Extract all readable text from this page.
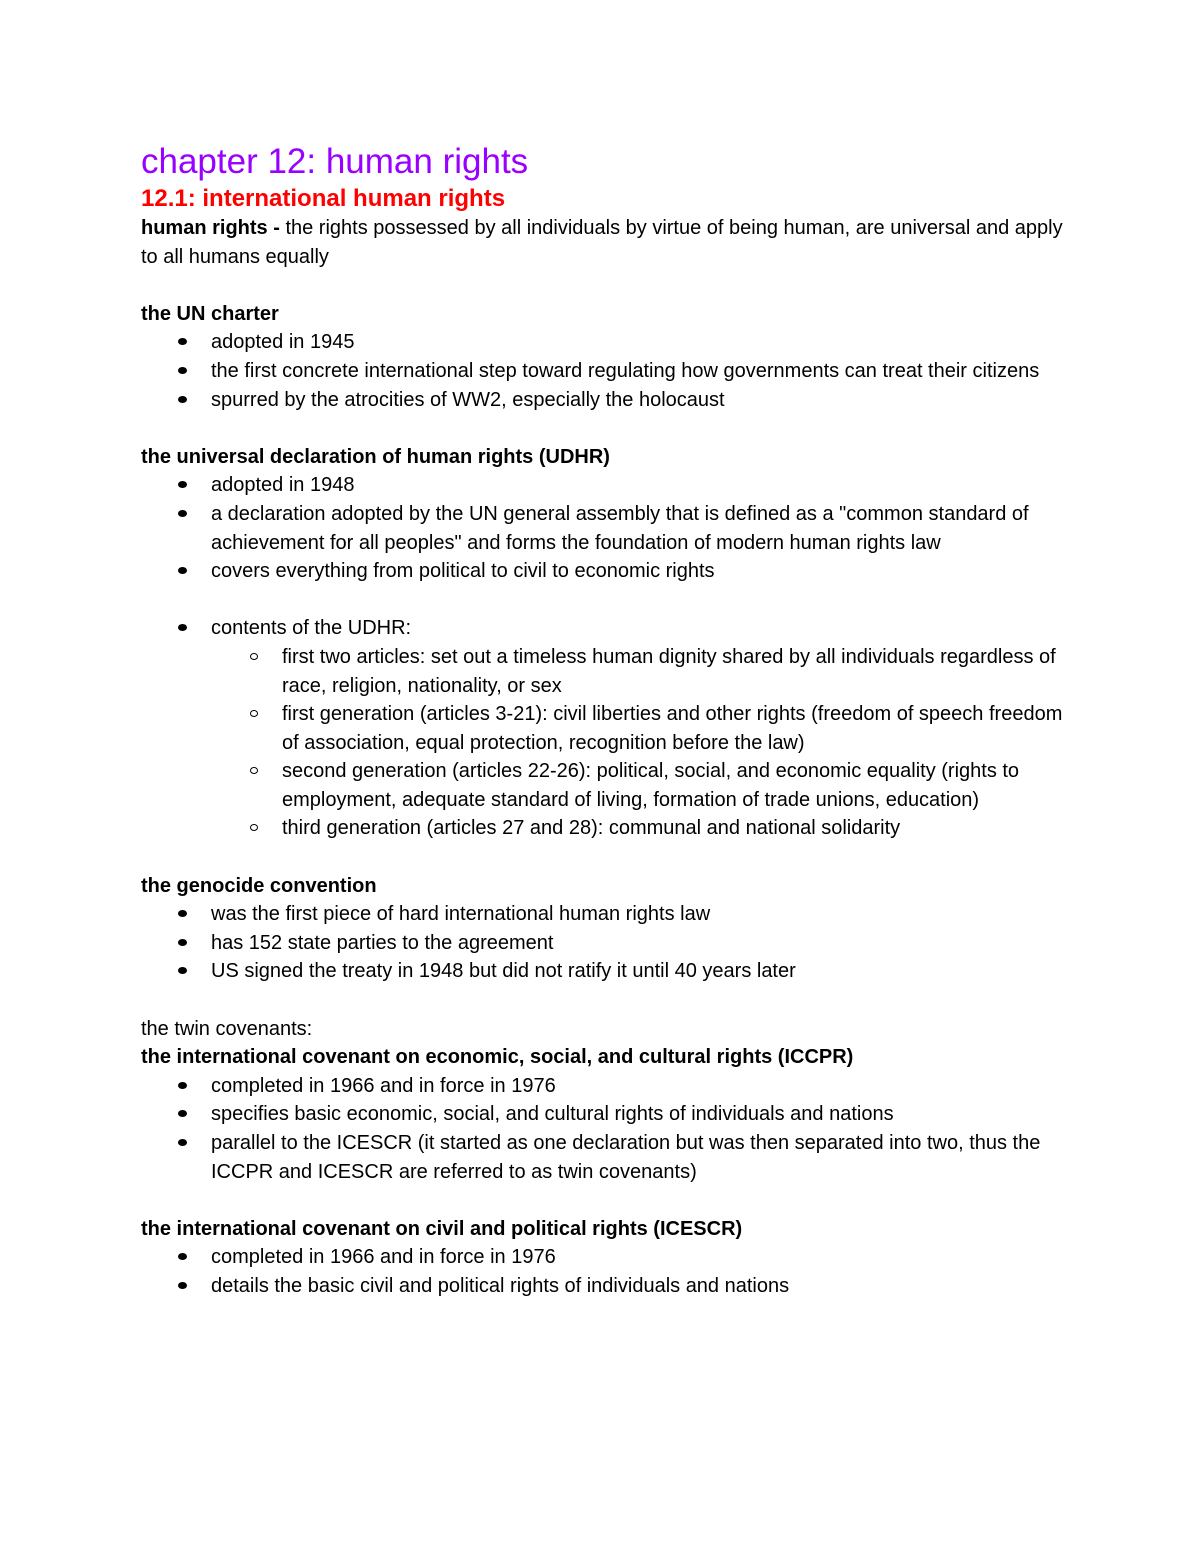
chapter 12: human rights
12.1: international human rights

human rights - the rights possessed by all individuals by virtue of being human, are universal and apply to all humans equally

the UN charter

adopted in 1945
the first concrete international step toward regulating how governments can treat their citizens
spurred by the atrocities of WW2, especially the holocaust

the universal declaration of human rights (UDHR)

adopted in 1948
a declaration adopted by the UN general assembly that is defined as a "common standard of achievement for all peoples" and forms the foundation of modern human rights law
covers everything from political to civil to economic rights
contents of the UDHR:
first two articles: set out a timeless human dignity shared by all individuals regardless of race, religion, nationality, or sex
first generation (articles 3-21): civil liberties and other rights (freedom of speech freedom of association, equal protection, recognition before the law)
second generation (articles 22-26): political, social, and economic equality (rights to employment, adequate standard of living, formation of trade unions, education)
third generation (articles 27 and 28): communal and national solidarity

the genocide convention

was the first piece of hard international human rights law
has 152 state parties to the agreement
US signed the treaty in 1948 but did not ratify it until 40 years later

the twin covenants:

the international covenant on economic, social, and cultural rights (ICCPR)

completed in 1966 and in force in 1976
specifies basic economic, social, and cultural rights of individuals and nations
parallel to the ICESCR (it started as one declaration but was then separated into two, thus the ICCPR and ICESCR are referred to as twin covenants)

the international covenant on civil and political rights (ICESCR)

completed in 1966 and in force in 1976
details the basic civil and political rights of individuals and nations
